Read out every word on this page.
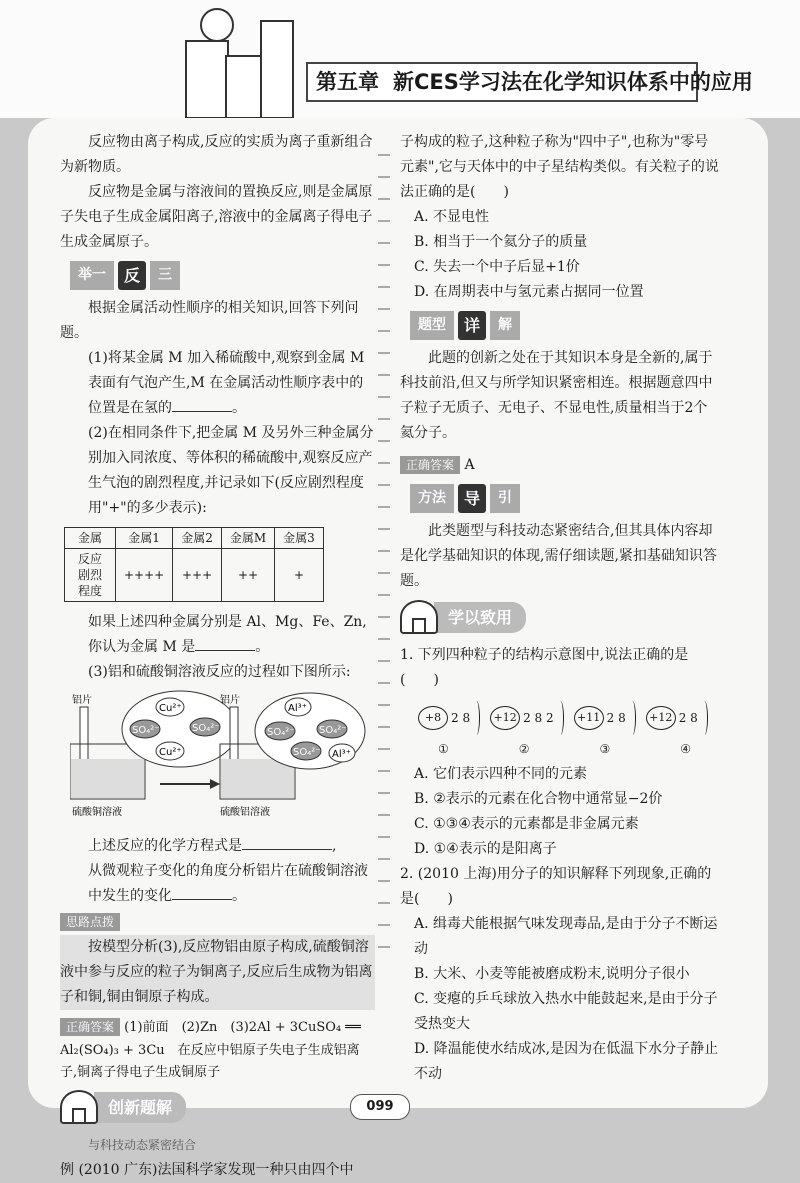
第五章 新CES学习法在化学知识体系中的应用

反应物由离子构成,反应的实质为离子重新组合为新物质。

反应物是金属与溶液间的置换反应,则是金属原子失电子生成金属阳离子,溶液中的金属离子得电子生成金属原子。

举一	反	三

根据金属活动性顺序的相关知识,回答下列问题。

(1)将某金属 M 加入稀硫酸中,观察到金属 M 表面有气泡产生,M 在金属活动性顺序表中的位置是在氢的	。

(2)在相同条件下,把金属 M 及另外三种金属分别加入同浓度、等体积的稀硫酸中,观察反应产生气泡的剧烈程度,并记录如下(反应剧烈程度用"+"的多少表示):

金属	金属1	金属2	金属M	金属3
反应剧烈程度	++++	+++	++	+

如果上述四种金属分别是 Al、Mg、Fe、Zn,你认为金属 M 是	。

(3)铝和硫酸铜溶液反应的过程如下图所示:

铝片
Cu²⁺
SO₄²⁻	SO₄²⁻
Cu²⁺
铝片
Al³⁺
SO₄²⁻ SO₄²⁻
SO₄²⁻ Al³⁺
硫酸铜溶液	硫酸铝溶液

上述反应的化学方程式是	,

从微观粒子变化的角度分析铝片在硫酸铜溶液中发生的变化	。

思路点拨

按模型分析(3),反应物铝由原子构成,硫酸铜溶液中参与反应的粒子为铜离子,反应后生成物为铝离子和铜,铜由铜原子构成。

正确答案 (1)前面　(2)Zn　(3)2Al + 3CuSO₄ ══ Al₂(SO₄)₃ + 3Cu　在反应中铝原子失电子生成铝离子,铜离子得电子生成铜原子

创新题解

与科技动态紧密结合

例 (2010 广东)法国科学家发现一种只由四个中

子构成的粒子,这种粒子称为"四中子",也称为"零号元素",它与天体中的中子星结构类似。有关粒子的说法正确的是(　　)

A. 不显电性

B. 相当于一个氦分子的质量

C. 失去一个中子后显+1价

D. 在周期表中与氢元素占据同一位置

题型	详	解

此题的创新之处在于其知识本身是全新的,属于科技前沿,但又与所学知识紧密相连。根据题意四中子粒子无质子、无电子、不显电性,质量相当于2个氦分子。

正确答案 A

方法	导	引

此类题型与科技动态紧密结合,但其具体内容却是化学基础知识的体现,需仔细读题,紧扣基础知识答题。

学以致用

1. 下列四种粒子的结构示意图中,说法正确的是(　　)

+8 2 8	+12 2 8 2	+11 2 8	+12 2 8
①	②	③	④

A. 它们表示四种不同的元素

B. ②表示的元素在化合物中通常显−2价

C. ①③④表示的元素都是非金属元素

D. ①④表示的是阳离子

2. (2010 上海)用分子的知识解释下列现象,正确的是(　　)

A. 缉毒犬能根据气味发现毒品,是由于分子不断运动

B. 大米、小麦等能被磨成粉末,说明分子很小

C. 变瘪的乒乓球放入热水中能鼓起来,是由于分子受热变大

D. 降温能使水结成冰,是因为在低温下水分子静止不动

099
